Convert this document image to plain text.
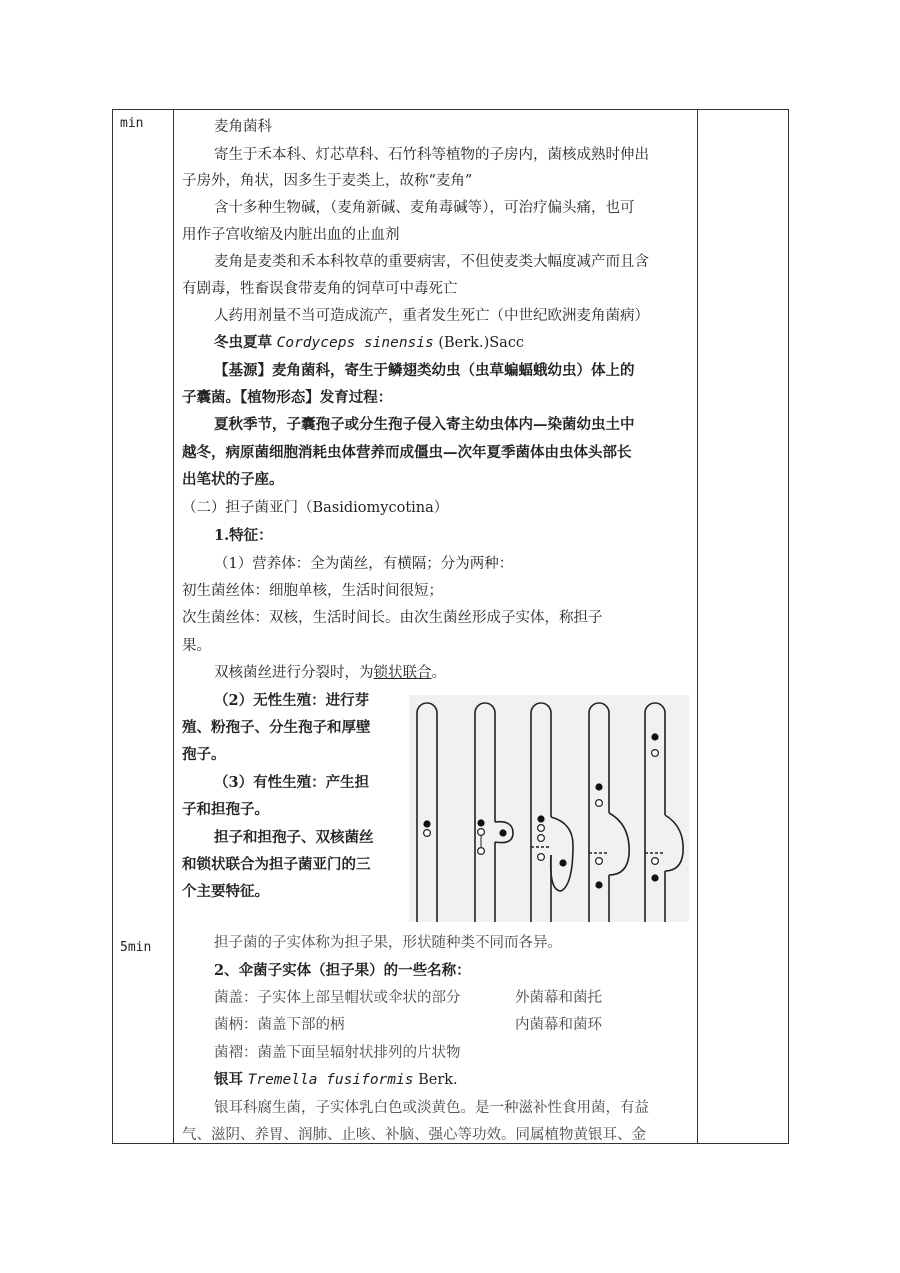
min
5min
麦角菌科
寄生于禾本科、灯芯草科、石竹科等植物的子房内，菌核成熟时伸出
子房外，角状，因多生于麦类上，故称“麦角”
含十多种生物碱，（麦角新碱、麦角毒碱等），可治疗偏头痛，也可
用作子宫收缩及内脏出血的止血剂
麦角是麦类和禾本科牧草的重要病害，不但使麦类大幅度减产而且含
有剧毒，牲畜误食带麦角的饲草可中毒死亡
人药用剂量不当可造成流产，重者发生死亡（中世纪欧洲麦角菌病）
冬虫夏草 Cordyceps sinensis (Berk.)Sacc
【基源】麦角菌科，寄生于鳞翅类幼虫（虫草蝙蝠蛾幼虫）体上的
子囊菌。【植物形态】发育过程：
夏秋季节，子囊孢子或分生孢子侵入寄主幼虫体内—染菌幼虫土中
越冬，病原菌细胞消耗虫体营养而成僵虫—次年夏季菌体由虫体头部长
出笔状的子座。
（二）担子菌亚门（Basidiomycotina）
1.特征：
（1）营养体：全为菌丝，有横隔；分为两种：
初生菌丝体：细胞单核，生活时间很短；
次生菌丝体：双核，生活时间长。由次生菌丝形成子实体，称担子
果。
双核菌丝进行分裂时，为锁状联合。
（2）无性生殖：进行芽
殖、粉孢子、分生孢子和厚壁
孢子。
（3）有性生殖：产生担
子和担孢子。
担子和担孢子、双核菌丝
和锁状联合为担子菌亚门的三
个主要特征。
担子菌的子实体称为担子果，形状随种类不同而各异。
2、伞菌子实体（担子果）的一些名称：
菌盖：子实体上部呈帽状或伞状的部分	外菌幕和菌托
菌柄：菌盖下部的柄	内菌幕和菌环
菌褶：菌盖下面呈辐射状排列的片状物
银耳 Tremella fusiformis Berk.
银耳科腐生菌，子实体乳白色或淡黄色。是一种滋补性食用菌，有益
气、滋阴、养胃、润肺、止咳、补脑、强心等功效。同属植物黄银耳、金
